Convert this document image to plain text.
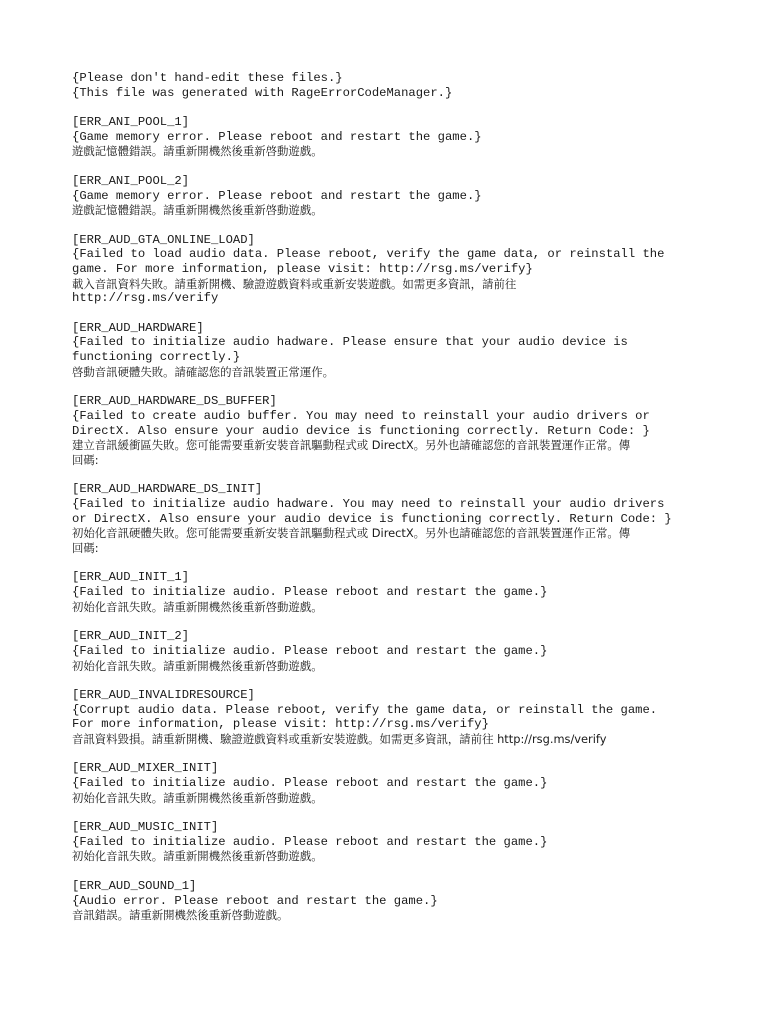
{Please don't hand-edit these files.}
{This file was generated with RageErrorCodeManager.}
[ERR_ANI_POOL_1]
{Game memory error. Please reboot and restart the game.}
遊戲記憶體錯誤。請重新開機然後重新啓動遊戲。
[ERR_ANI_POOL_2]
{Game memory error. Please reboot and restart the game.}
遊戲記憶體錯誤。請重新開機然後重新啓動遊戲。
[ERR_AUD_GTA_ONLINE_LOAD]
{Failed to load audio data. Please reboot, verify the game data, or reinstall the
game. For more information, please visit: http://rsg.ms/verify}
載入音訊資料失敗。請重新開機、驗證遊戲資料或重新安裝遊戲。如需更多資訊，請前往
http://rsg.ms/verify
[ERR_AUD_HARDWARE]
{Failed to initialize audio hadware. Please ensure that your audio device is
functioning correctly.}
啓動音訊硬體失敗。請確認您的音訊裝置正常運作。
[ERR_AUD_HARDWARE_DS_BUFFER]
{Failed to create audio buffer. You may need to reinstall your audio drivers or
DirectX. Also ensure your audio device is functioning correctly. Return Code: }
建立音訊緩衝區失敗。您可能需要重新安裝音訊驅動程式或 DirectX。另外也請確認您的音訊裝置運作正常。傳
回碼:
[ERR_AUD_HARDWARE_DS_INIT]
{Failed to initialize audio hadware. You may need to reinstall your audio drivers
or DirectX. Also ensure your audio device is functioning correctly. Return Code: }
初始化音訊硬體失敗。您可能需要重新安裝音訊驅動程式或 DirectX。另外也請確認您的音訊裝置運作正常。傳
回碼:
[ERR_AUD_INIT_1]
{Failed to initialize audio. Please reboot and restart the game.}
初始化音訊失敗。請重新開機然後重新啓動遊戲。
[ERR_AUD_INIT_2]
{Failed to initialize audio. Please reboot and restart the game.}
初始化音訊失敗。請重新開機然後重新啓動遊戲。
[ERR_AUD_INVALIDRESOURCE]
{Corrupt audio data. Please reboot, verify the game data, or reinstall the game.
For more information, please visit: http://rsg.ms/verify}
音訊資料毀損。請重新開機、驗證遊戲資料或重新安裝遊戲。如需更多資訊，請前往 http://rsg.ms/verify
[ERR_AUD_MIXER_INIT]
{Failed to initialize audio. Please reboot and restart the game.}
初始化音訊失敗。請重新開機然後重新啓動遊戲。
[ERR_AUD_MUSIC_INIT]
{Failed to initialize audio. Please reboot and restart the game.}
初始化音訊失敗。請重新開機然後重新啓動遊戲。
[ERR_AUD_SOUND_1]
{Audio error. Please reboot and restart the game.}
音訊錯誤。請重新開機然後重新啓動遊戲。
